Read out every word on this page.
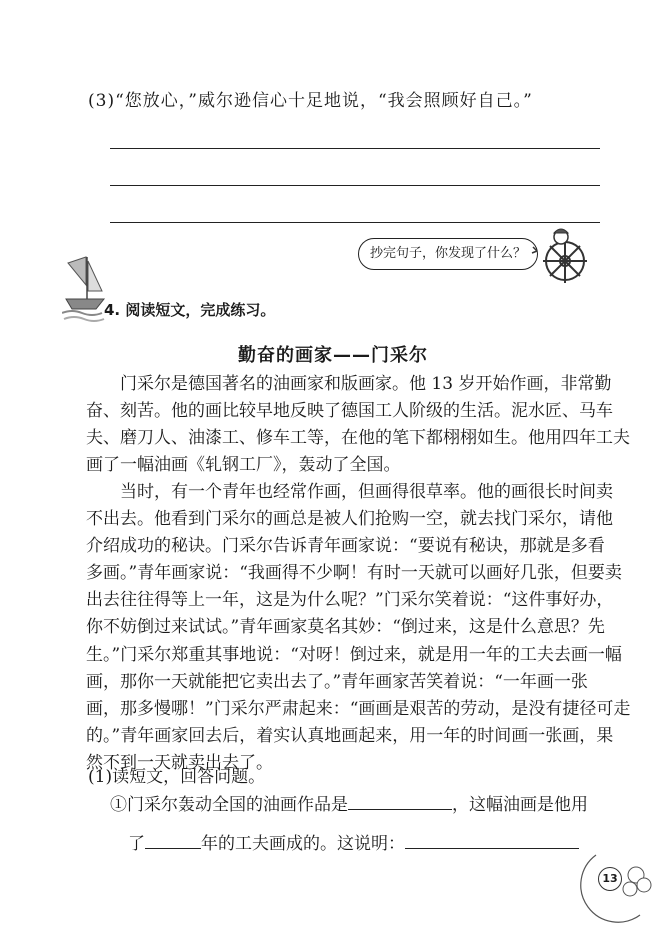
(3)“您放心，”威尔逊信心十足地说，“我会照顾好自己。”
抄完句子，你发现了什么？
4. 阅读短文，完成练习。
勤奋的画家——门采尔
门采尔是德国著名的油画家和版画家。他 13 岁开始作画，非常勤
奋、刻苦。他的画比较早地反映了德国工人阶级的生活。泥水匠、马车
夫、磨刀人、油漆工、修车工等，在他的笔下都栩栩如生。他用四年工夫
画了一幅油画《轧钢工厂》，轰动了全国。
当时，有一个青年也经常作画，但画得很草率。他的画很长时间卖
不出去。他看到门采尔的画总是被人们抢购一空，就去找门采尔，请他
介绍成功的秘诀。门采尔告诉青年画家说：“要说有秘诀，那就是多看
多画。”青年画家说：“我画得不少啊！有时一天就可以画好几张，但要卖
出去往往得等上一年，这是为什么呢？”门采尔笑着说：“这件事好办，
你不妨倒过来试试。”青年画家莫名其妙：“倒过来，这是什么意思？先
生。”门采尔郑重其事地说：“对呀！倒过来，就是用一年的工夫去画一幅
画，那你一天就能把它卖出去了。”青年画家苦笑着说：“一年画一张
画，那多慢哪！”门采尔严肃起来：“画画是艰苦的劳动，是没有捷径可走
的。”青年画家回去后，着实认真地画起来，用一年的时间画一张画，果
然不到一天就卖出去了。
(1)读短文，回答问题。
①门采尔轰动全国的油画作品是	，这幅油画是他用
了	年的工夫画成的。这说明：
13
